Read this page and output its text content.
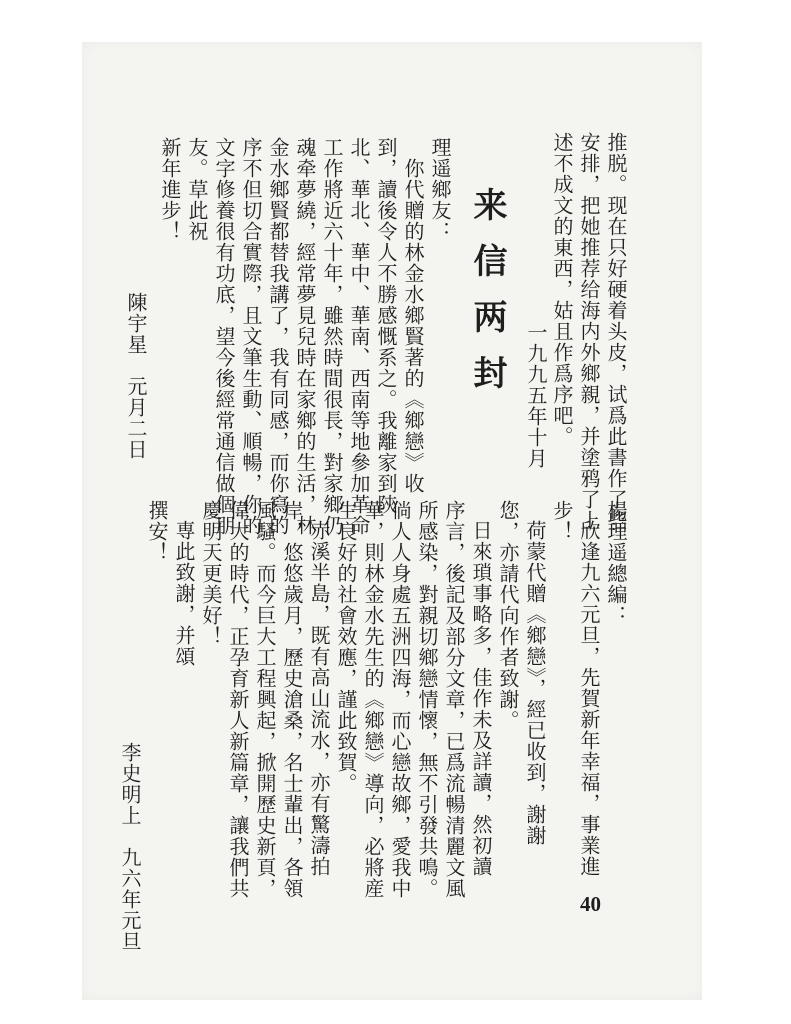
推脱。现在只好硬着头皮，试爲此書作了些
安排，把她推荐给海内外鄉親，并塗鸦了上
述不成文的東西，姑且作爲序吧。
一九九五年十月
来信两封
理遥鄉友：
你代贈的林金水鄉賢著的《鄉戀》收
到，讀後令人不勝感慨系之。我離家到陝
北、華北、華中、華南、西南等地參加革命
工作將近六十年，雖然時間很長，對家鄉仍
魂牵夢繞，經常夢見兒時在家鄉的生活，林
金水鄉賢都替我講了，我有同感，而你寫的
序不但切合實際，且文筆生動、順暢，你的
文字修養很有功底，望今後經常通信做個朋
友。草此祝
新年進步！
陳宇星　元月二日
楊理遥總編：
欣逢九六元旦，先賀新年幸福，事業進
步！
荷蒙代贈《鄉戀》，經已收到，謝謝
您，亦請代向作者致謝。
日來瑣事略多，佳作未及詳讀，然初讀
序言，後記及部分文章，已爲流暢清麗文風
所感染，對親切鄉戀情懷，無不引發共鳴。
倘人人身處五洲四海，而心戀故鄉，愛我中
華，則林金水先生的《鄉戀》導向，必將産
生良好的社會效應，謹此致賀。
赤溪半島，既有高山流水，亦有驚濤拍
岸，悠悠歲月，歷史滄桑，名士輩出，各領
風騷。而今巨大工程興起，掀開歷史新頁，
偉大的時代，正孕育新人新篇章，讓我們共
慶明天更美好！
専此致謝，并頌
撰安！
李史明上　九六年元旦	40
